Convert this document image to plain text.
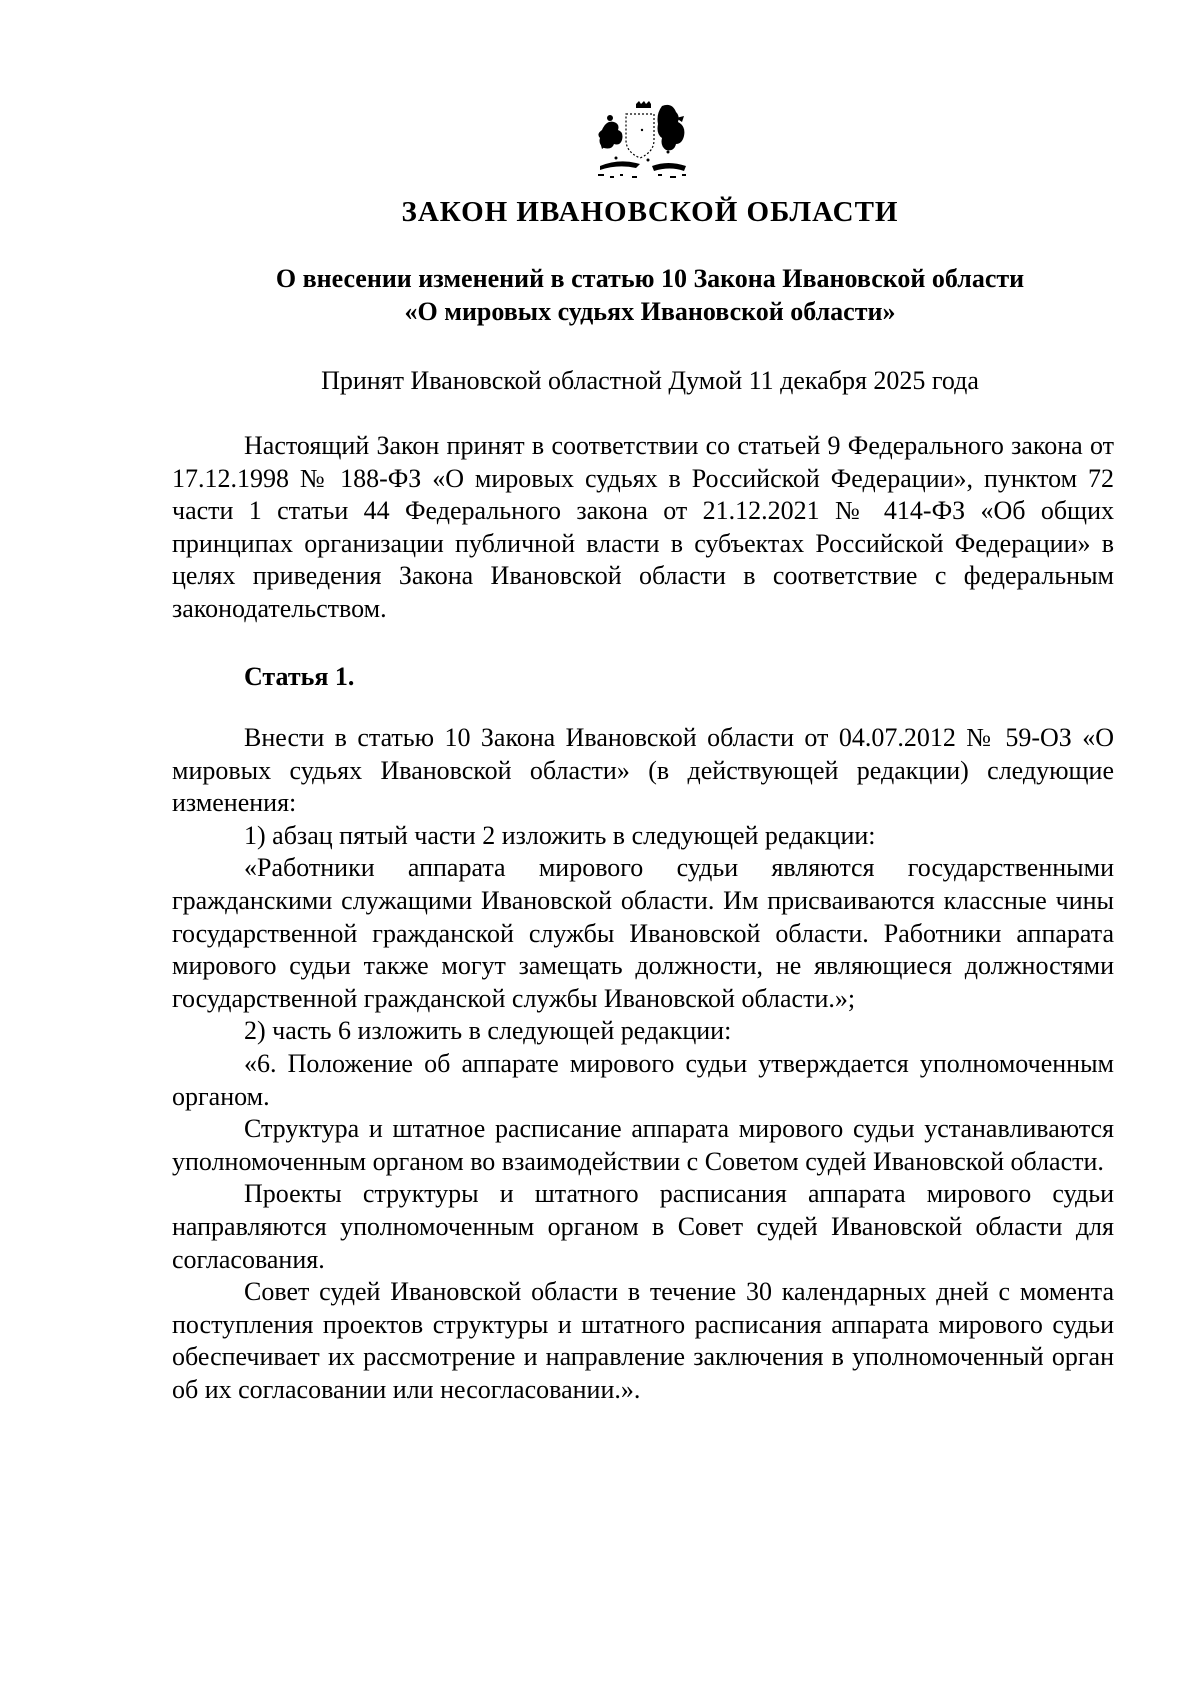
ЗАКОН ИВАНОВСКОЙ ОБЛАСТИ
О внесении изменений в статью 10 Закона Ивановской области
«О мировых судьях Ивановской области»
Принят Ивановской областной Думой 11 декабря 2025 года

Настоящий Закон принят в соответствии со статьей 9 Федерального закона от 17.12.1998 № 188-ФЗ «О мировых судьях в Российской Федерации», пунктом 72 части 1 статьи 44 Федерального закона от 21.12.2021 № 414-ФЗ «Об общих принципах организации публичной власти в субъектах Российской Федерации» в целях приведения Закона Ивановской области в соответствие с федеральным законодательством.

Статья 1.

Внести в статью 10 Закона Ивановской области от 04.07.2012 № 59-ОЗ «О мировых судьях Ивановской области» (в действующей редакции) следующие изменения:

1) абзац пятый части 2 изложить в следующей редакции:

«Работники аппарата мирового судьи являются государственными гражданскими служащими Ивановской области. Им присваиваются классные чины государственной гражданской службы Ивановской области. Работники аппарата мирового судьи также могут замещать должности, не являющиеся должностями государственной гражданской службы Ивановской области.»;

2) часть 6 изложить в следующей редакции:

«6. Положение об аппарате мирового судьи утверждается уполномоченным органом.

Структура и штатное расписание аппарата мирового судьи устанавливаются уполномоченным органом во взаимодействии с Советом судей Ивановской области.

Проекты структуры и штатного расписания аппарата мирового судьи направляются уполномоченным органом в Совет судей Ивановской области для согласования.

Совет судей Ивановской области в течение 30 календарных дней с момента поступления проектов структуры и штатного расписания аппарата мирового судьи обеспечивает их рассмотрение и направление заключения в уполномоченный орган об их согласовании или несогласовании.».
